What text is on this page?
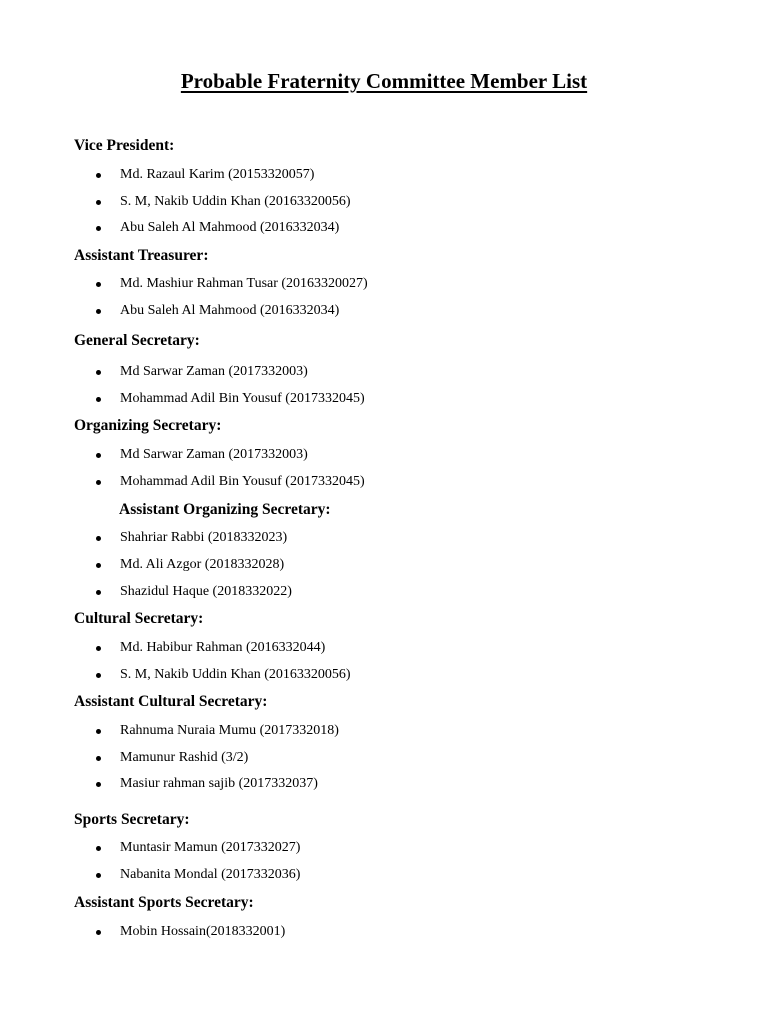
Probable Fraternity Committee Member List
Vice President:
Md. Razaul Karim (20153320057)
S. M, Nakib Uddin Khan (20163320056)
Abu Saleh Al Mahmood (2016332034)
Assistant Treasurer:
Md. Mashiur Rahman Tusar (20163320027)
Abu Saleh Al Mahmood (2016332034)
General Secretary:
Md Sarwar Zaman (2017332003)
Mohammad Adil Bin Yousuf (2017332045)
Organizing Secretary:
Md Sarwar Zaman (2017332003)
Mohammad Adil Bin Yousuf (2017332045)
Assistant Organizing Secretary:
Shahriar Rabbi (2018332023)
Md. Ali Azgor (2018332028)
Shazidul Haque (2018332022)
Cultural Secretary:
Md. Habibur Rahman (2016332044)
S. M, Nakib Uddin Khan (20163320056)
Assistant Cultural Secretary:
Rahnuma Nuraia Mumu (2017332018)
Mamunur Rashid (3/2)
Masiur rahman sajib (2017332037)
Sports Secretary:
Muntasir Mamun (2017332027)
Nabanita Mondal (2017332036)
Assistant Sports Secretary:
Mobin Hossain(2018332001)
